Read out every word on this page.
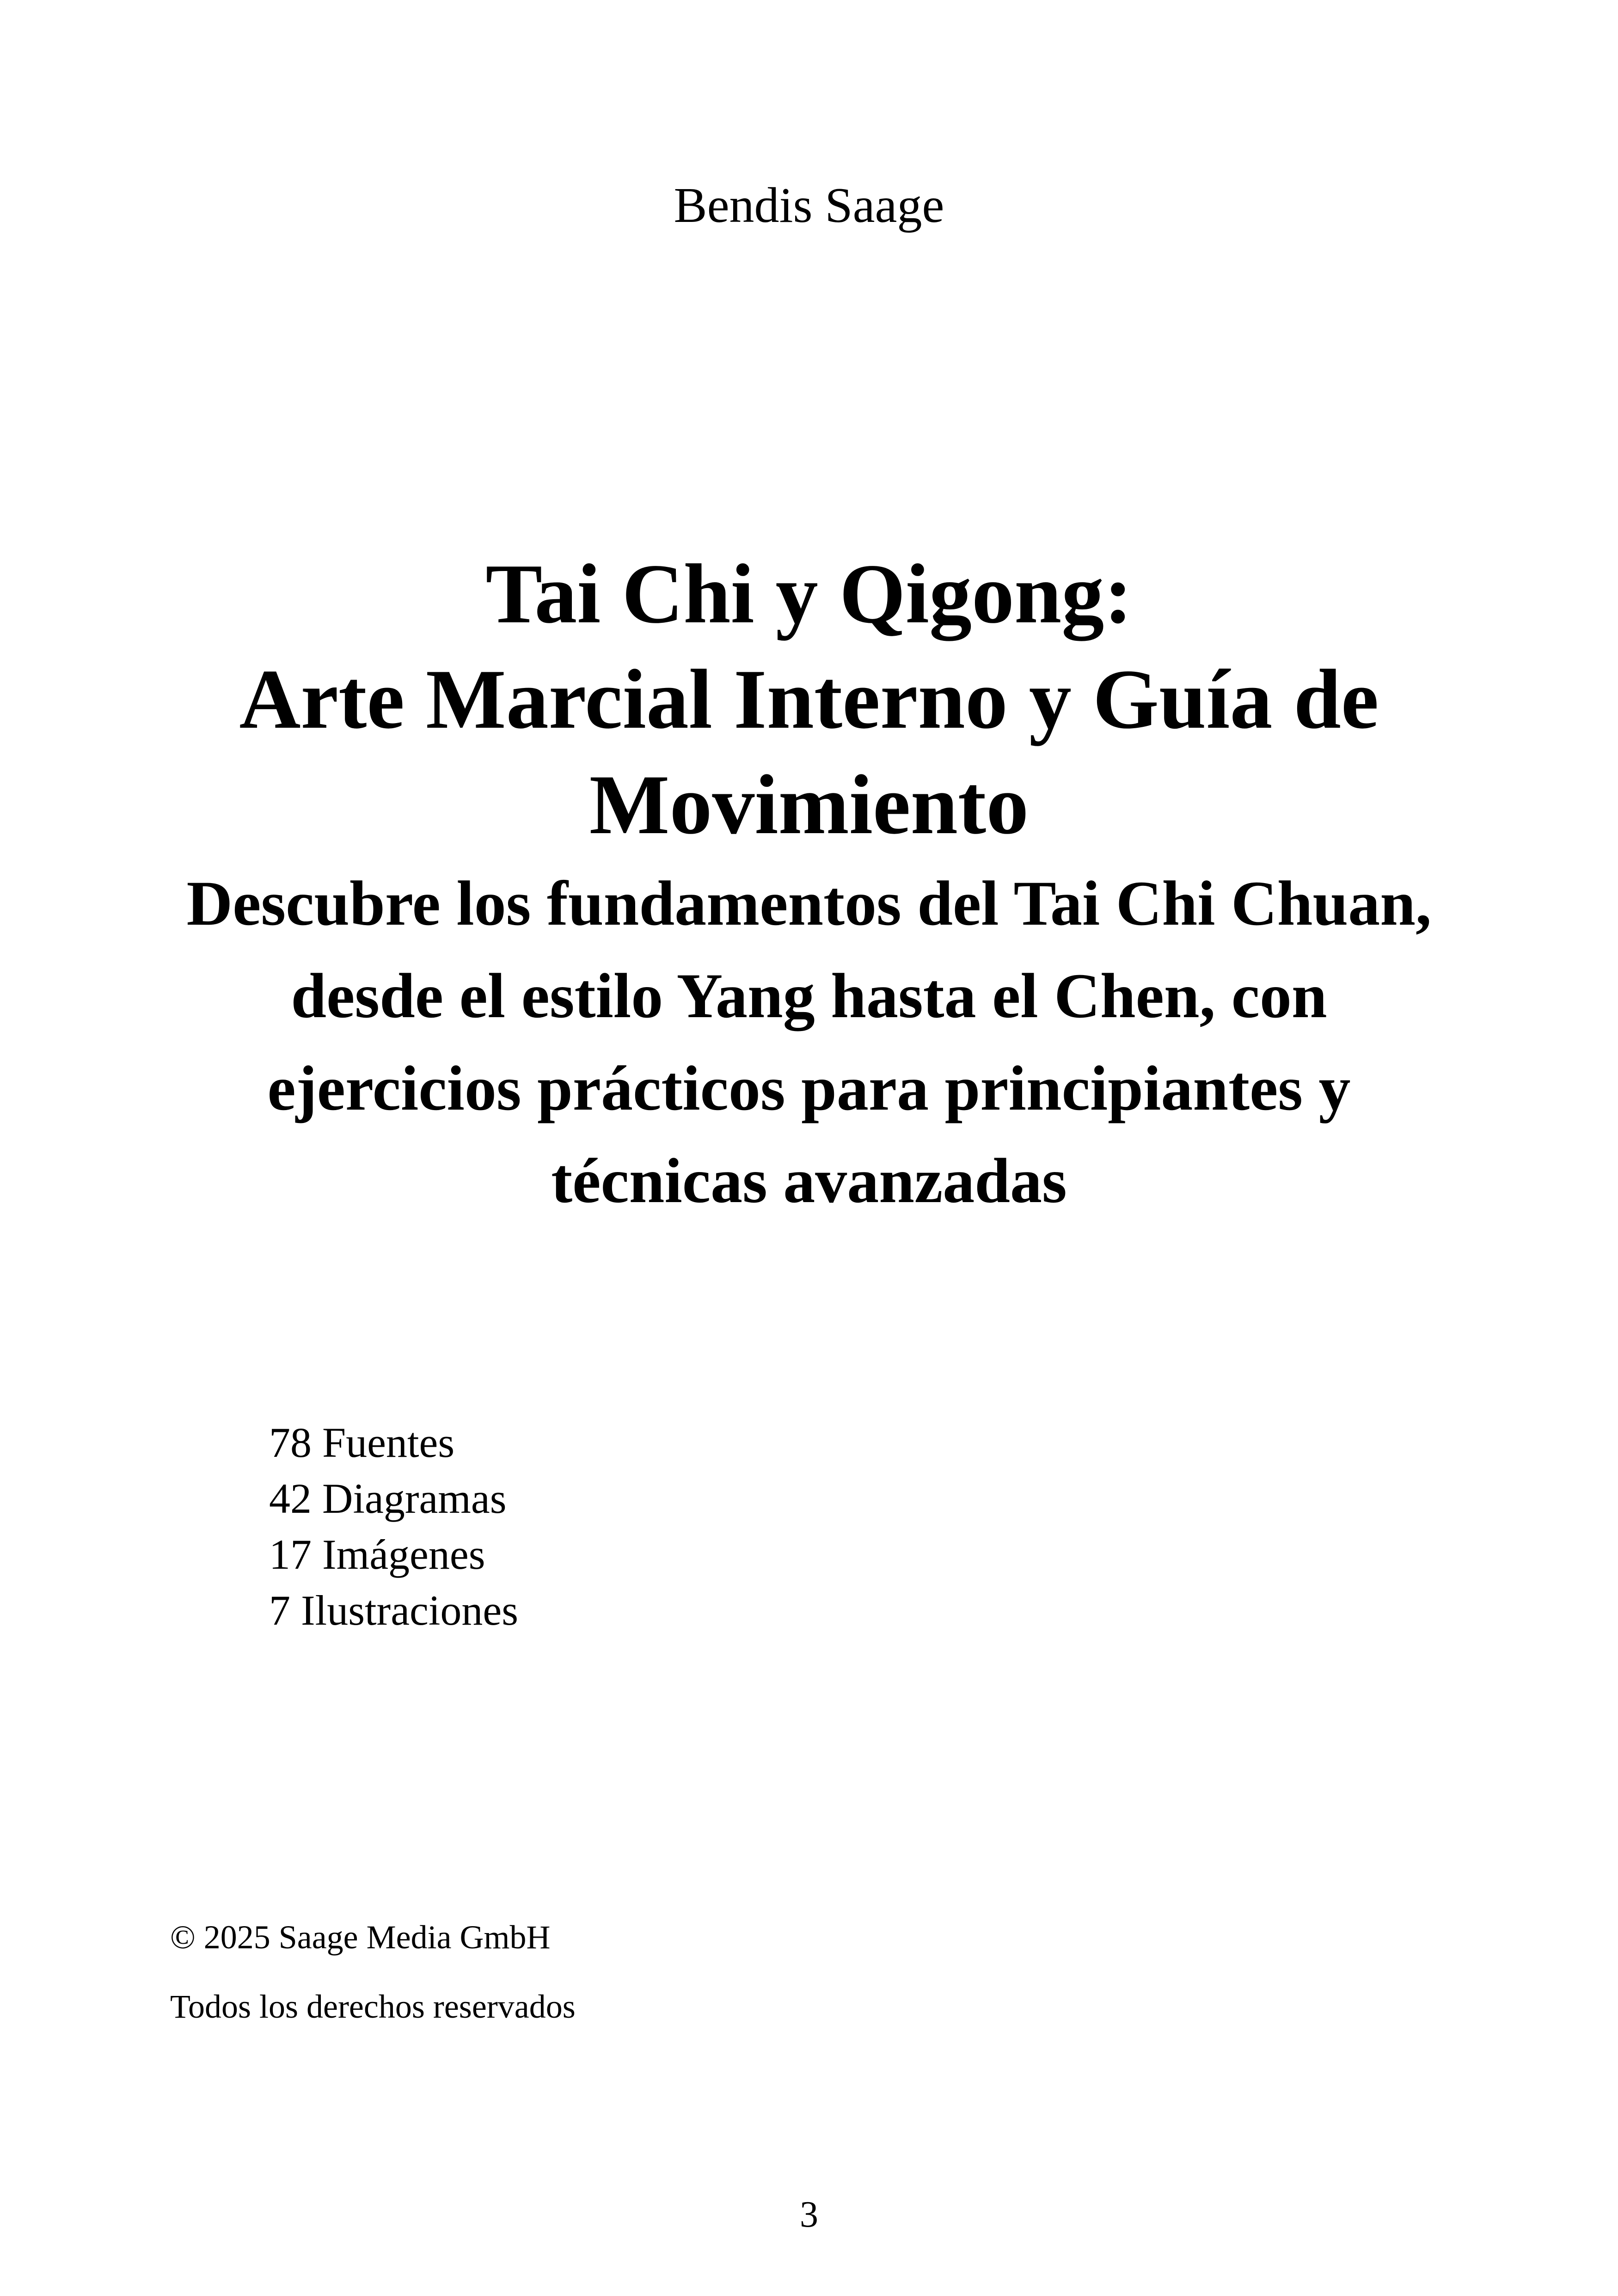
Bendis Saage

Tai Chi y Qigong:

Arte Marcial Interno y Guía de

Movimiento

Descubre los fundamentos del Tai Chi Chuan, desde el estilo Yang hasta el Chen, con ejercicios prácticos para principiantes y técnicas avanzadas

78 Fuentes
42 Diagramas
17 Imágenes
7 Ilustraciones
© 2025 Saage Media GmbH
Todos los derechos reservados
3
